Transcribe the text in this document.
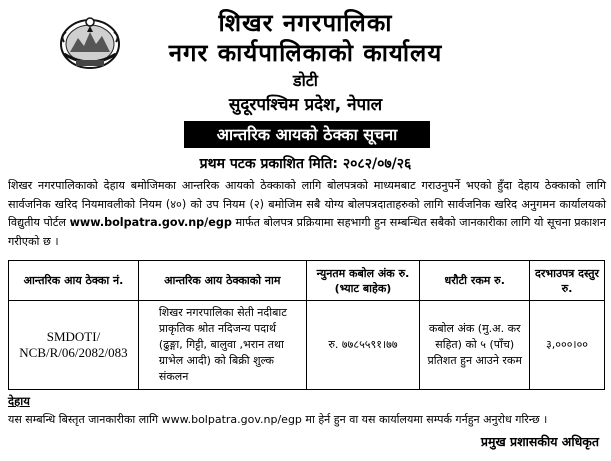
शिखर नगरपालिका
नगर कार्यपालिकाको कार्यालय
डोटी
सुदूरपश्चिम प्रदेश, नेपाल
आन्तरिक आयको ठेक्का सूचना
प्रथम पटक प्रकाशित मिति: २०८२/०७/२६
शिखर नगरपालिकाको देहाय बमोजिमका आन्तरिक आयको ठेक्काको लागि बोलपत्रको माध्यमबाट गराउनुपर्ने भएको हुँदा देहाय ठेक्काको लागि सार्वजनिक खरिद नियमावलीको नियम (४०) को उप नियम (२) बमोजिम सबै योग्य बोलपत्रदाताहरुको लागि सार्वजनिक खरिद अनुगमन कार्यालयको विद्युतीय पोर्टल www.bolpatra.gov.np/egp मार्फत बोलपत्र प्रक्रियामा सहभागी हुन सम्बन्धित सबैको जानकारीका लागि यो सूचना प्रकाशन गरीएको छ ।
आन्तरिक आय ठेक्का नं.	आन्तरिक आय ठेक्काको नाम	न्युनतम कबोल अंक रु. (भ्याट बाहेक)	धरौटी रकम रु.	दरभाउपत्र दस्तुर रु.
SMDOTI/
NCB/R/06/2082/083	शिखर नगरपालिका सेती नदीबाट प्राकृतिक श्रोत नदिजन्य पदार्थ (ढुङ्गा, गिट्टी, बालुवा ,भरान तथा ग्राभेल आदी) को बिक्री शुल्क संकलन	रु. ७७८५५९१।७७	कबोल अंक (मु.अ. कर सहित) को ५ (पाँच) प्रतिशत हुन आउने रकम	३,०००।००
देहाय
यस सम्बन्धि बिस्तृत जानकारीका लागि www.bolpatra.gov.np/egp मा हेर्न हुन वा यस कार्यालयमा सम्पर्क गर्नहुन अनुरोध गरिन्छ ।
प्रमुख प्रशासकीय अधिकृत
